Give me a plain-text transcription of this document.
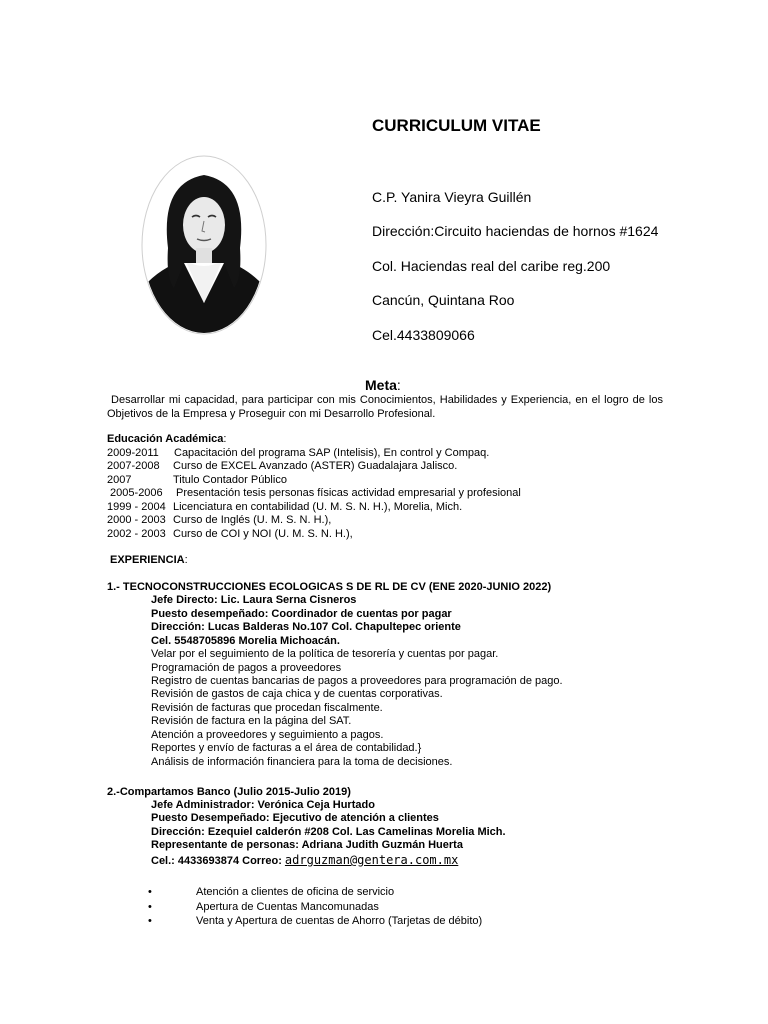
CURRICULUM VITAE
C.P. Yanira Vieyra Guillén
Dirección:Circuito haciendas de hornos #1624
Col. Haciendas real del caribe reg.200
Cancún, Quintana Roo
Cel.4433809066
Meta:
Desarrollar mi capacidad, para participar con mis Conocimientos, Habilidades y Experiencia, en el logro de los Objetivos de la Empresa y Proseguir con mi Desarrollo Profesional.
Educación Académica:
2009-2011 Capacitación del programa SAP (Intelisis), En control y Compaq.
2007-2008 Curso de EXCEL Avanzado (ASTER) Guadalajara Jalisco.
2007	Titulo Contador Público
2005-2006 Presentación tesis personas físicas actividad empresarial y profesional
1999 - 2004 Licenciatura en contabilidad (U. M. S. N. H.), Morelia, Mich.
2000 - 2003 Curso de Inglés (U. M. S. N. H.),
2002 - 2003 Curso de COI y NOI (U. M. S. N. H.),
EXPERIENCIA:
1.- TECNOCONSTRUCCIONES ECOLOGICAS S DE RL DE CV (ENE 2020-JUNIO 2022)
Jefe Directo: Lic. Laura Serna Cisneros
Puesto desempeñado: Coordinador de cuentas por pagar
Dirección: Lucas Balderas No.107 Col. Chapultepec oriente
Cel. 5548705896 Morelia Michoacán.
Velar por el seguimiento de la política de tesorería y cuentas por pagar.
Programación de pagos a proveedores
Registro de cuentas bancarias de pagos a proveedores para programación de pago.
Revisión de gastos de caja chica y de cuentas corporativas.
Revisión de facturas que procedan fiscalmente.
Revisión de factura en la página del SAT.
Atención a proveedores y seguimiento a pagos.
Reportes y envío de facturas a el área de contabilidad.}
Análisis de información financiera para la toma de decisiones.
2.-Compartamos Banco (Julio 2015-Julio 2019)
Jefe Administrador: Verónica Ceja Hurtado
Puesto Desempeñado: Ejecutivo de atención a clientes
Dirección: Ezequiel calderón #208 Col. Las Camelinas Morelia Mich.
Representante de personas: Adriana Judith Guzmán Huerta
Cel.: 4433693874 Correo: adrguzman@gentera.com.mx
•	Atención a clientes de oficina de servicio
•	Apertura de Cuentas Mancomunadas
•	Venta y Apertura de cuentas de Ahorro (Tarjetas de débito)
